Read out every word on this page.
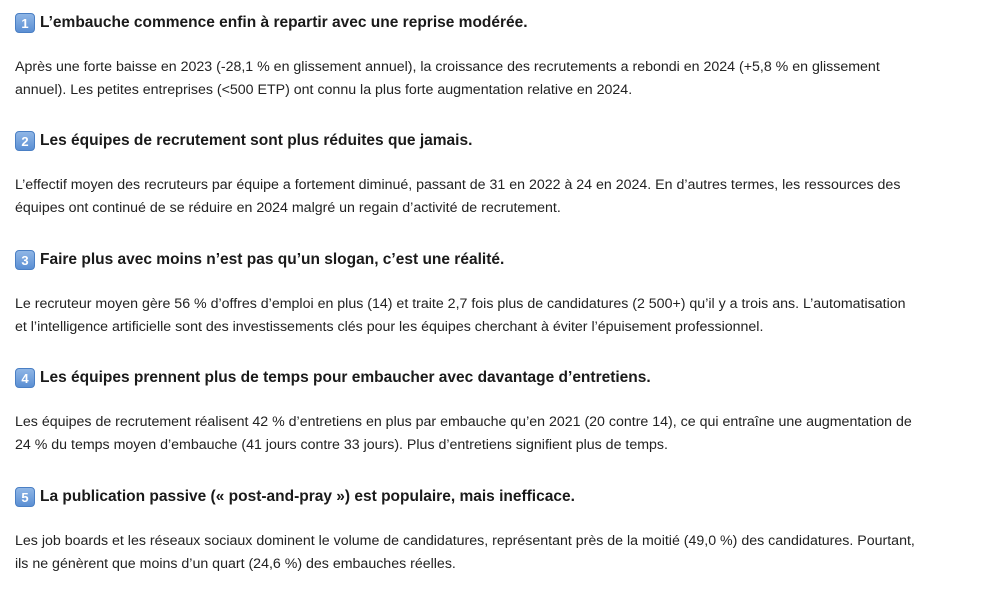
1 L’embauche commence enfin à repartir avec une reprise modérée.

Après une forte baisse en 2023 (-28,1 % en glissement annuel), la croissance des recrutements a rebondi en 2024 (+5,8 % en glissement
annuel). Les petites entreprises (<500 ETP) ont connu la plus forte augmentation relative en 2024.

2 Les équipes de recrutement sont plus réduites que jamais.

L’effectif moyen des recruteurs par équipe a fortement diminué, passant de 31 en 2022 à 24 en 2024. En d’autres termes, les ressources des
équipes ont continué de se réduire en 2024 malgré un regain d’activité de recrutement.

3 Faire plus avec moins n’est pas qu’un slogan, c’est une réalité.

Le recruteur moyen gère 56 % d’offres d’emploi en plus (14) et traite 2,7 fois plus de candidatures (2 500+) qu’il y a trois ans. L’automatisation
et l’intelligence artificielle sont des investissements clés pour les équipes cherchant à éviter l’épuisement professionnel.

4 Les équipes prennent plus de temps pour embaucher avec davantage d’entretiens.

Les équipes de recrutement réalisent 42 % d’entretiens en plus par embauche qu’en 2021 (20 contre 14), ce qui entraîne une augmentation de
24 % du temps moyen d’embauche (41 jours contre 33 jours). Plus d’entretiens signifient plus de temps.

5 La publication passive (« post-and-pray ») est populaire, mais inefficace.

Les job boards et les réseaux sociaux dominent le volume de candidatures, représentant près de la moitié (49,0 %) des candidatures. Pourtant,
ils ne génèrent que moins d’un quart (24,6 %) des embauches réelles.
